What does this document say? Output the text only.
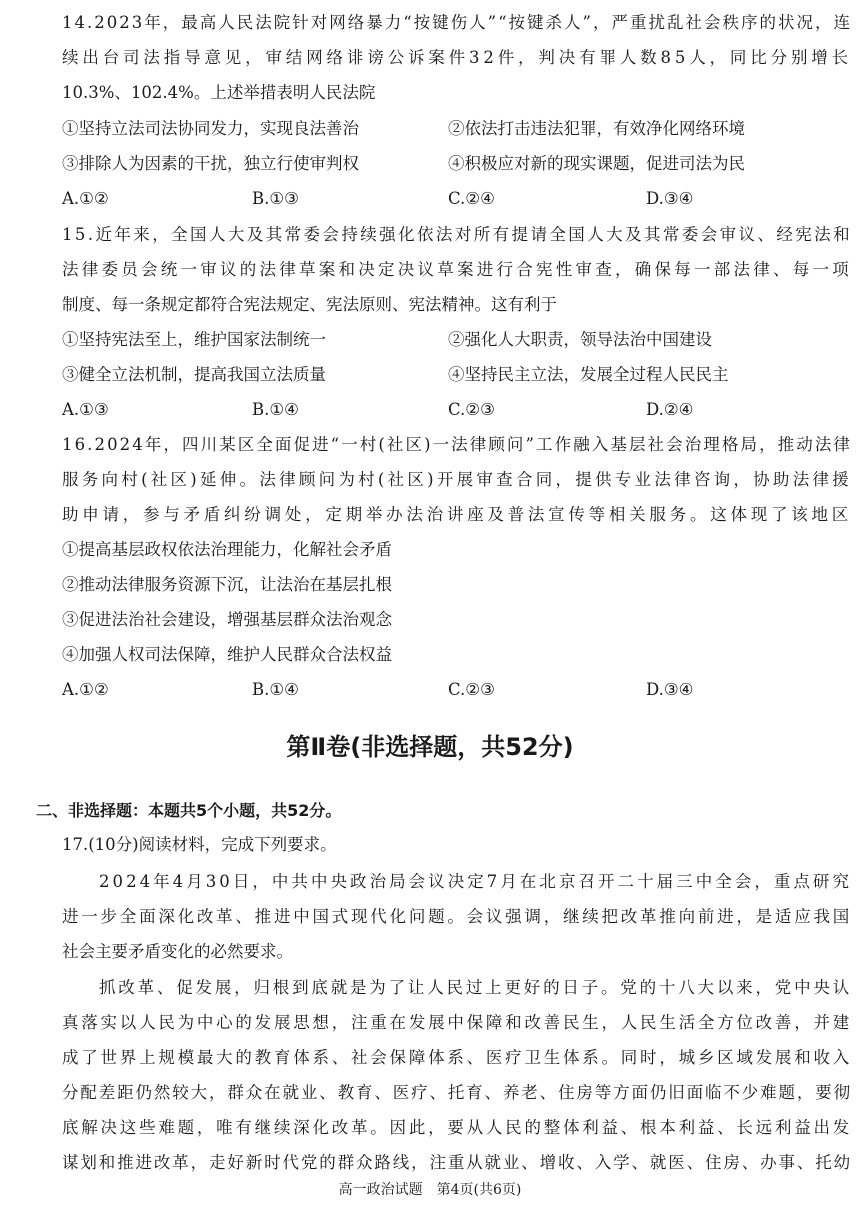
14.2023年，最高人民法院针对网络暴力“按键伤人”“按键杀人”，严重扰乱社会秩序的状况，连
续出台司法指导意见，审结网络诽谤公诉案件32件，判决有罪人数85人，同比分别增长
10.3%、102.4%。上述举措表明人民法院
①坚持立法司法协同发力，实现良法善治	②依法打击违法犯罪，有效净化网络环境
③排除人为因素的干扰，独立行使审判权	④积极应对新的现实课题，促进司法为民
A.①②	B.①③	C.②④	D.③④
15.近年来，全国人大及其常委会持续强化依法对所有提请全国人大及其常委会审议、经宪法和
法律委员会统一审议的法律草案和决定决议草案进行合宪性审查，确保每一部法律、每一项
制度、每一条规定都符合宪法规定、宪法原则、宪法精神。这有利于
①坚持宪法至上，维护国家法制统一	②强化人大职责，领导法治中国建设
③健全立法机制，提高我国立法质量	④坚持民主立法，发展全过程人民民主
A.①③	B.①④	C.②③	D.②④
16.2024年，四川某区全面促进“一村(社区)一法律顾问”工作融入基层社会治理格局，推动法律
服务向村(社区)延伸。法律顾问为村(社区)开展审查合同，提供专业法律咨询，协助法律援
助申请，参与矛盾纠纷调处，定期举办法治讲座及普法宣传等相关服务。这体现了该地区
①提高基层政权依法治理能力，化解社会矛盾
②推动法律服务资源下沉，让法治在基层扎根
③促进法治社会建设，增强基层群众法治观念
④加强人权司法保障，维护人民群众合法权益
A.①②	B.①④	C.②③	D.③④
第Ⅱ卷(非选择题，共52分)
二、非选择题：本题共5个小题，共52分。
17.(10分)阅读材料，完成下列要求。
2024年4月30日，中共中央政治局会议决定7月在北京召开二十届三中全会，重点研究
进一步全面深化改革、推进中国式现代化问题。会议强调，继续把改革推向前进，是适应我国
社会主要矛盾变化的必然要求。
抓改革、促发展，归根到底就是为了让人民过上更好的日子。党的十八大以来，党中央认
真落实以人民为中心的发展思想，注重在发展中保障和改善民生，人民生活全方位改善，并建
成了世界上规模最大的教育体系、社会保障体系、医疗卫生体系。同时，城乡区域发展和收入
分配差距仍然较大，群众在就业、教育、医疗、托育、养老、住房等方面仍旧面临不少难题，要彻
底解决这些难题，唯有继续深化改革。因此，要从人民的整体利益、根本利益、长远利益出发
谋划和推进改革，走好新时代党的群众路线，注重从就业、增收、入学、就医、住房、办事、托幼
高一政治试题　第4页(共6页)
